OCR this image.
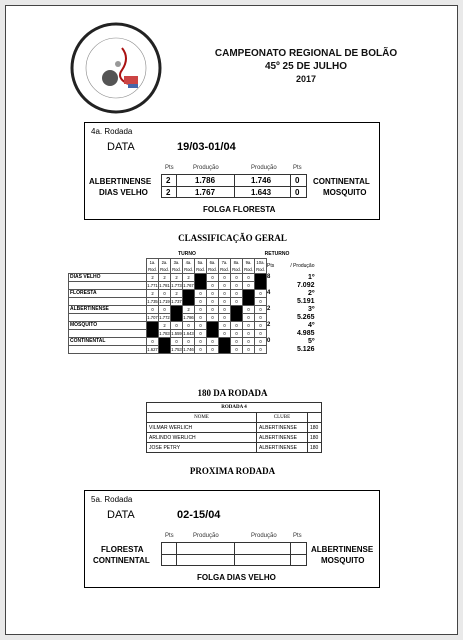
CAMPEONATO REGIONAL DE BOLÃO
45º 25 DE JULHO
2017
4a. Rodada
DATA	19/03-01/04
Pts	Produção	Produção	Pts
ALBERTINENSE 2	1.786	1.746	0 CONTINENTAL
DIAS VELHO 2	1.767	1.643	0	MOSQUITO
FOLGA FLORESTA
CLASSIFICAÇÃO GERAL
TURNO	RETURNO
	1a. Rod.	2a. Rod.	3a. Rod.	4a. Rod.	5a. Rod.	6a. Rod.	7a. Rod.	8a. Rod.	9a. Rod.	10a. Rod.	Pts	/ Produção
DIAS VELHO	2	2	2	2		0	0	0	0		8	1º
	1.771	1.781	1.773	1.767		0	0	0	0			7.092
FLORESTA	2	0	2		0	0	0	0		0	4	2º
	1.735	1.719	1.737		0	0	0	0		0		5.191
ALBERTINENSE	0	0		2	0	0	0		0	0	2	3º
	1.707	1.772		1.786	0	0	0		0	0		5.265
MOSQUITO		2	0	0	0		0	0	0	0	2	4º
		1.783	1.559	1.643	0		0	0	0	0		4.985
CONTINENTAL	0		0	0	0	0		0	0	0	0	5º
	1.627		1.753	1.746	0	0		0	0	0		5.126
180 DA RODADA
RODADA 4		
NOME	CLUBE	
VILMAR WERLICH	ALBERTINENSE	180
ARLINDO WERLICH	ALBERTINENSE	180
JOSE PETRY	ALBERTINENSE	180
PROXIMA RODADA
5a. Rodada
DATA	02-15/04
Pts	Produção	Produção	Pts
FLORESTA	ALBERTINENSE
CONTINENTAL	MOSQUITO
FOLGA DIAS VELHO
